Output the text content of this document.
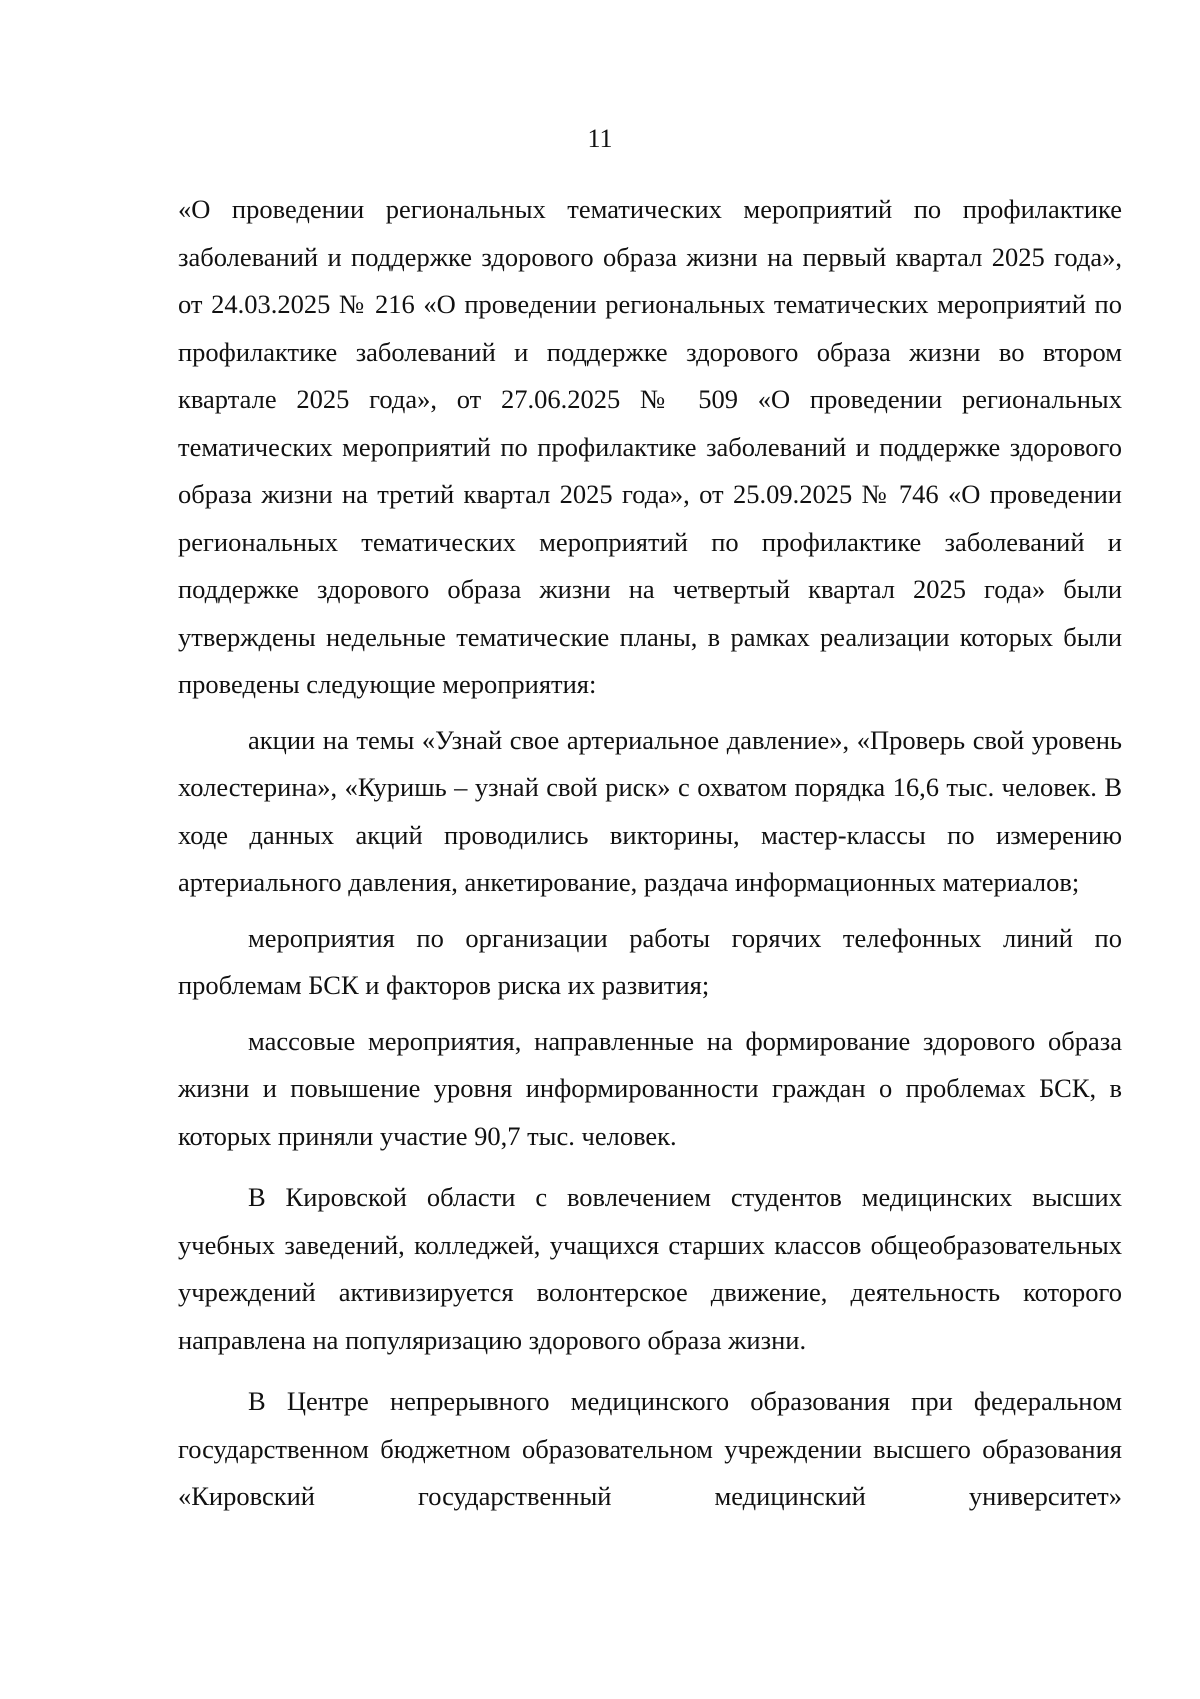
11

«О проведении региональных тематических мероприятий по профилактике заболеваний и поддержке здорового образа жизни на первый квартал 2025 года», от 24.03.2025 № 216 «О проведении региональных тематических мероприятий по профилактике заболеваний и поддержке здорового образа жизни во втором квартале 2025 года», от 27.06.2025 № 509 «О проведении региональных тематических мероприятий по профилактике заболеваний и поддержке здорового образа жизни на третий квартал 2025 года», от 25.09.2025 № 746 «О проведении региональных тематических мероприятий по профилактике заболеваний и поддержке здорового образа жизни на четвертый квартал 2025 года» были утверждены недельные тематические планы, в рамках реализации которых были проведены следующие мероприятия:

акции на темы «Узнай свое артериальное давление», «Проверь свой уровень холестерина», «Куришь – узнай свой риск» с охватом порядка 16,6 тыс. человек. В ходе данных акций проводились викторины, мастер-классы по измерению артериального давления, анкетирование, раздача информационных материалов;

мероприятия по организации работы горячих телефонных линий по проблемам БСК и факторов риска их развития;

массовые мероприятия, направленные на формирование здорового образа жизни и повышение уровня информированности граждан о проблемах БСК, в которых приняли участие 90,7 тыс. человек.

В Кировской области с вовлечением студентов медицинских высших учебных заведений, колледжей, учащихся старших классов общеобразовательных учреждений активизируется волонтерское движение, деятельность которого направлена на популяризацию здорового образа жизни.

В Центре непрерывного медицинского образования при федеральном государственном бюджетном образовательном учреждении высшего образования «Кировский государственный медицинский университет»
